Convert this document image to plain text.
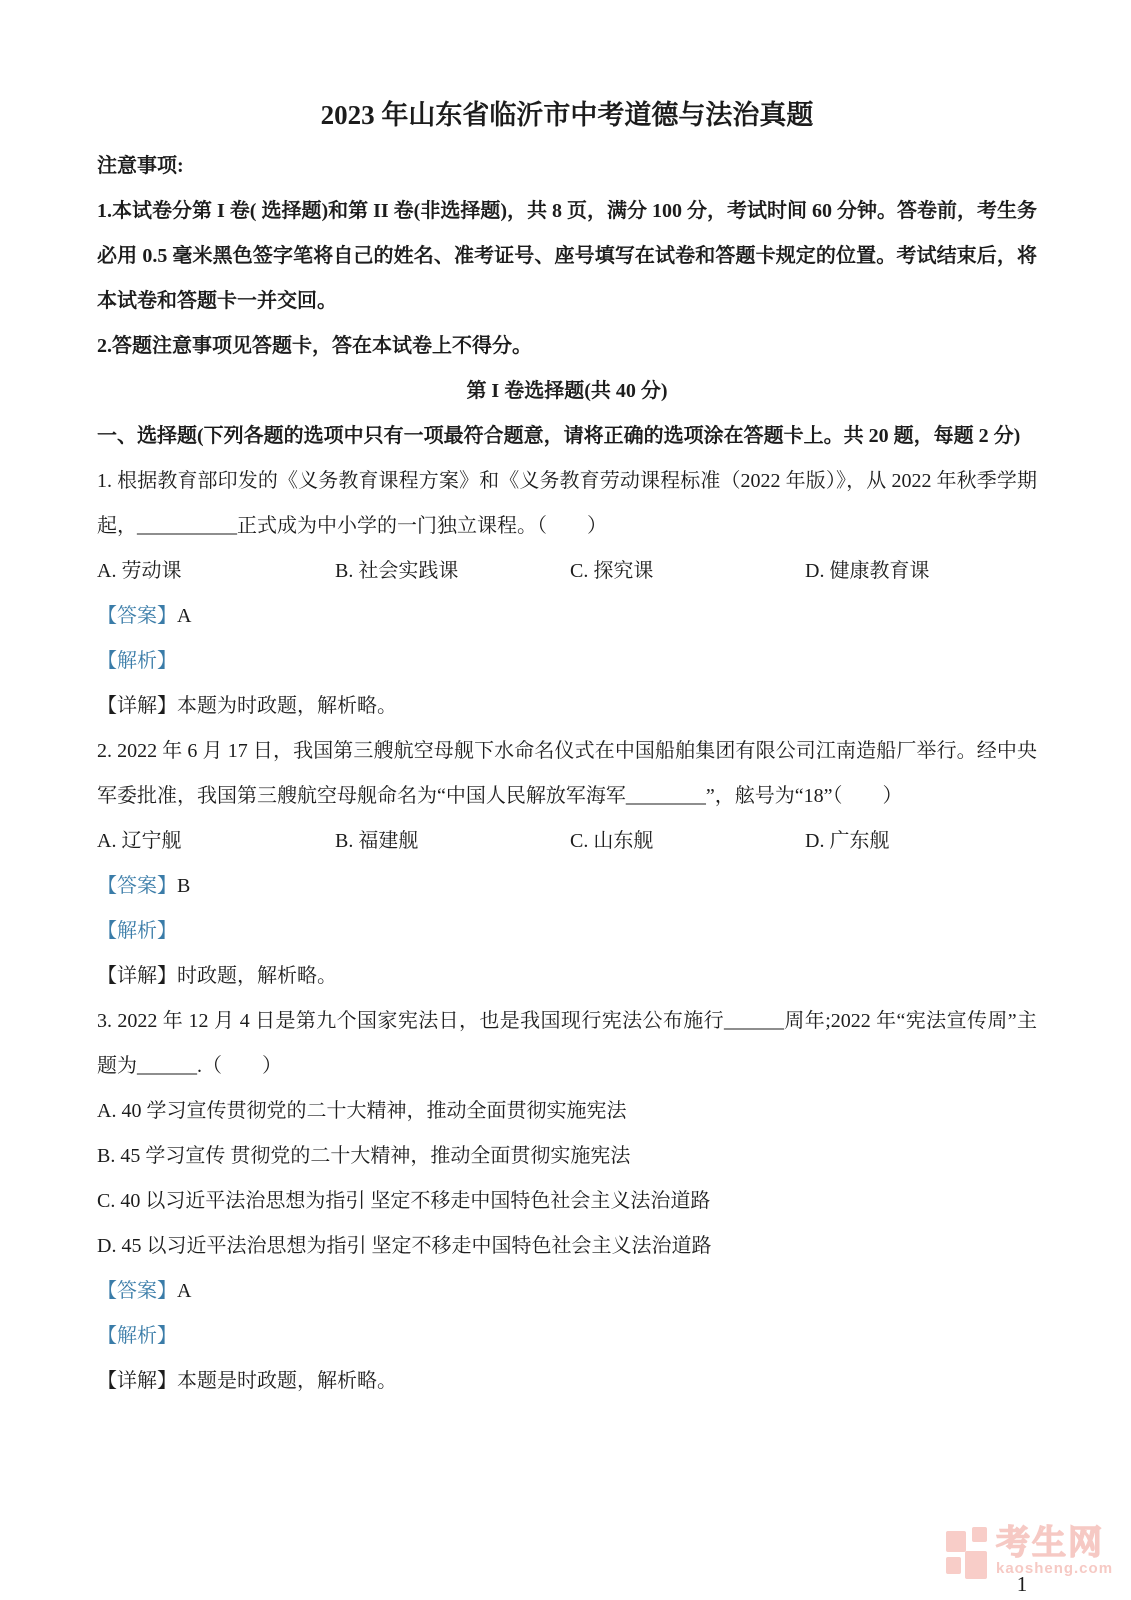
2023 年山东省临沂市中考道德与法治真题

注意事项:

1.本试卷分第 I 卷( 选择题)和第 II 卷(非选择题)，共 8 页，满分 100 分，考试时间 60 分钟。答卷前，考生务必用 0.5 毫米黑色签字笔将自己的姓名、准考证号、座号填写在试卷和答题卡规定的位置。考试结束后，将本试卷和答题卡一并交回。

2.答题注意事项见答题卡，答在本试卷上不得分。

第 I 卷选择题(共 40 分)

一、选择题(下列各题的选项中只有一项最符合题意，请将正确的选项涂在答题卡上。共 20 题，每题 2 分)

1. 根据教育部印发的《义务教育课程方案》和《义务教育劳动课程标准（2022 年版）》，从 2022 年秋季学期起，__________正式成为中小学的一门独立课程。（　　）

A. 劳动课	B. 社会实践课	C. 探究课	D. 健康教育课

【答案】A

【解析】

【详解】本题为时政题，解析略。

2. 2022 年 6 月 17 日，我国第三艘航空母舰下水命名仪式在中国船舶集团有限公司江南造船厂举行。经中央军委批准，我国第三艘航空母舰命名为“中国人民解放军海军________”，舷号为“18”（　　）

A. 辽宁舰	B. 福建舰	C. 山东舰	D. 广东舰

【答案】B

【解析】

【详解】时政题，解析略。

3. 2022 年 12 月 4 日是第九个国家宪法日，也是我国现行宪法公布施行______周年;2022 年“宪法宣传周”主题为______.（　　）

A. 40 学习宣传贯彻党的二十大精神，推动全面贯彻实施宪法

B. 45 学习宣传 贯彻党的二十大精神，推动全面贯彻实施宪法

C. 40 以习近平法治思想为指引 坚定不移走中国特色社会主义法治道路

D. 45 以习近平法治思想为指引 坚定不移走中国特色社会主义法治道路

【答案】A

【解析】

【详解】本题是时政题，解析略。

考生网
kaosheng.com
1
